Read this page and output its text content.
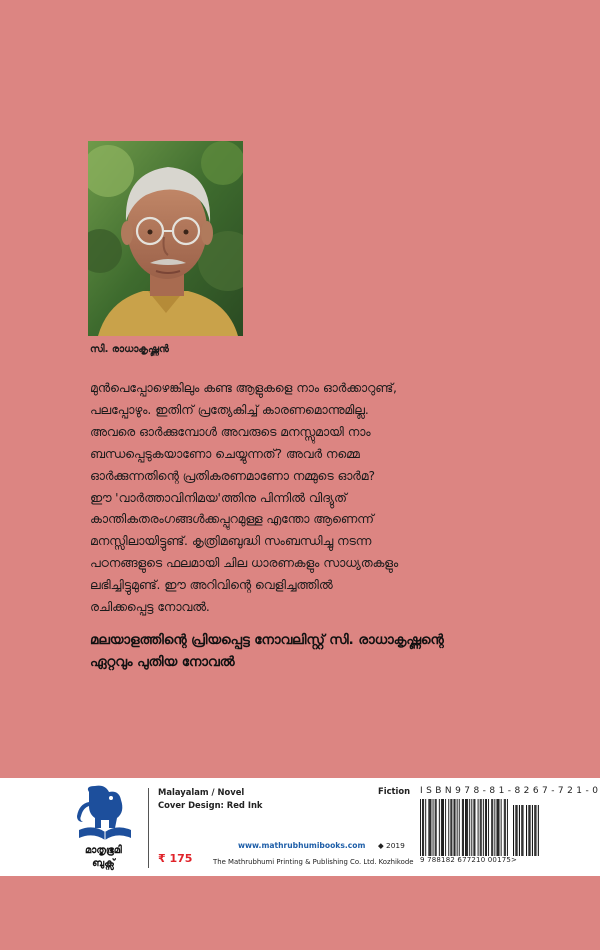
സി. രാധാകൃഷ്ണൻ
മുൻപെപ്പോഴെങ്കിലും കണ്ട ആളുകളെ നാം ഓർക്കാറുണ്ട്,
പലപ്പോഴും. ഇതിന് പ്രത്യേകിച്ച് കാരണമൊന്നുമില്ല.
അവരെ ഓർക്കുമ്പോൾ അവരുടെ മനസ്സുമായി നാം
ബന്ധപ്പെടുകയാണോ ചെയ്യുന്നത്? അവർ നമ്മെ
ഓർക്കുന്നതിന്റെ പ്രതികരണമാണോ നമ്മുടെ ഓർമ?
ഈ 'വാർത്താവിനിമയ'ത്തിനു പിന്നിൽ വിദ്യുത്
കാന്തികതരംഗങ്ങൾക്കപ്പുറമുള്ള എന്തോ ആണെന്ന്
മനസ്സിലായിട്ടുണ്ട്. കൃത്രിമബുദ്ധി സംബന്ധിച്ചു നടന്ന
പഠനങ്ങളുടെ ഫലമായി ചില ധാരണകളും സാധ്യതകളും
ലഭിച്ചിട്ടുമുണ്ട്. ഈ അറിവിന്റെ വെളിച്ചത്തിൽ
രചിക്കപ്പെട്ട നോവൽ.
മലയാളത്തിന്റെ പ്രിയപ്പെട്ട നോവലിസ്റ്റ് സി. രാധാകൃഷ്ണന്റെ
ഏറ്റവും പുതിയ നോവൽ
മാതൃഭൂമി
ബുക്സ്
Malayalam / Novel
Cover Design: Red Ink
₹ 175
www.mathrubhumibooks.com ◆ 2019
The Mathrubhumi Printing & Publishing Co. Ltd. Kozhikode
Fiction I S B N 9 7 8 - 8 1 - 8 2 6 7 - 7 2 1 - 0
9 788182 677210 00175>
